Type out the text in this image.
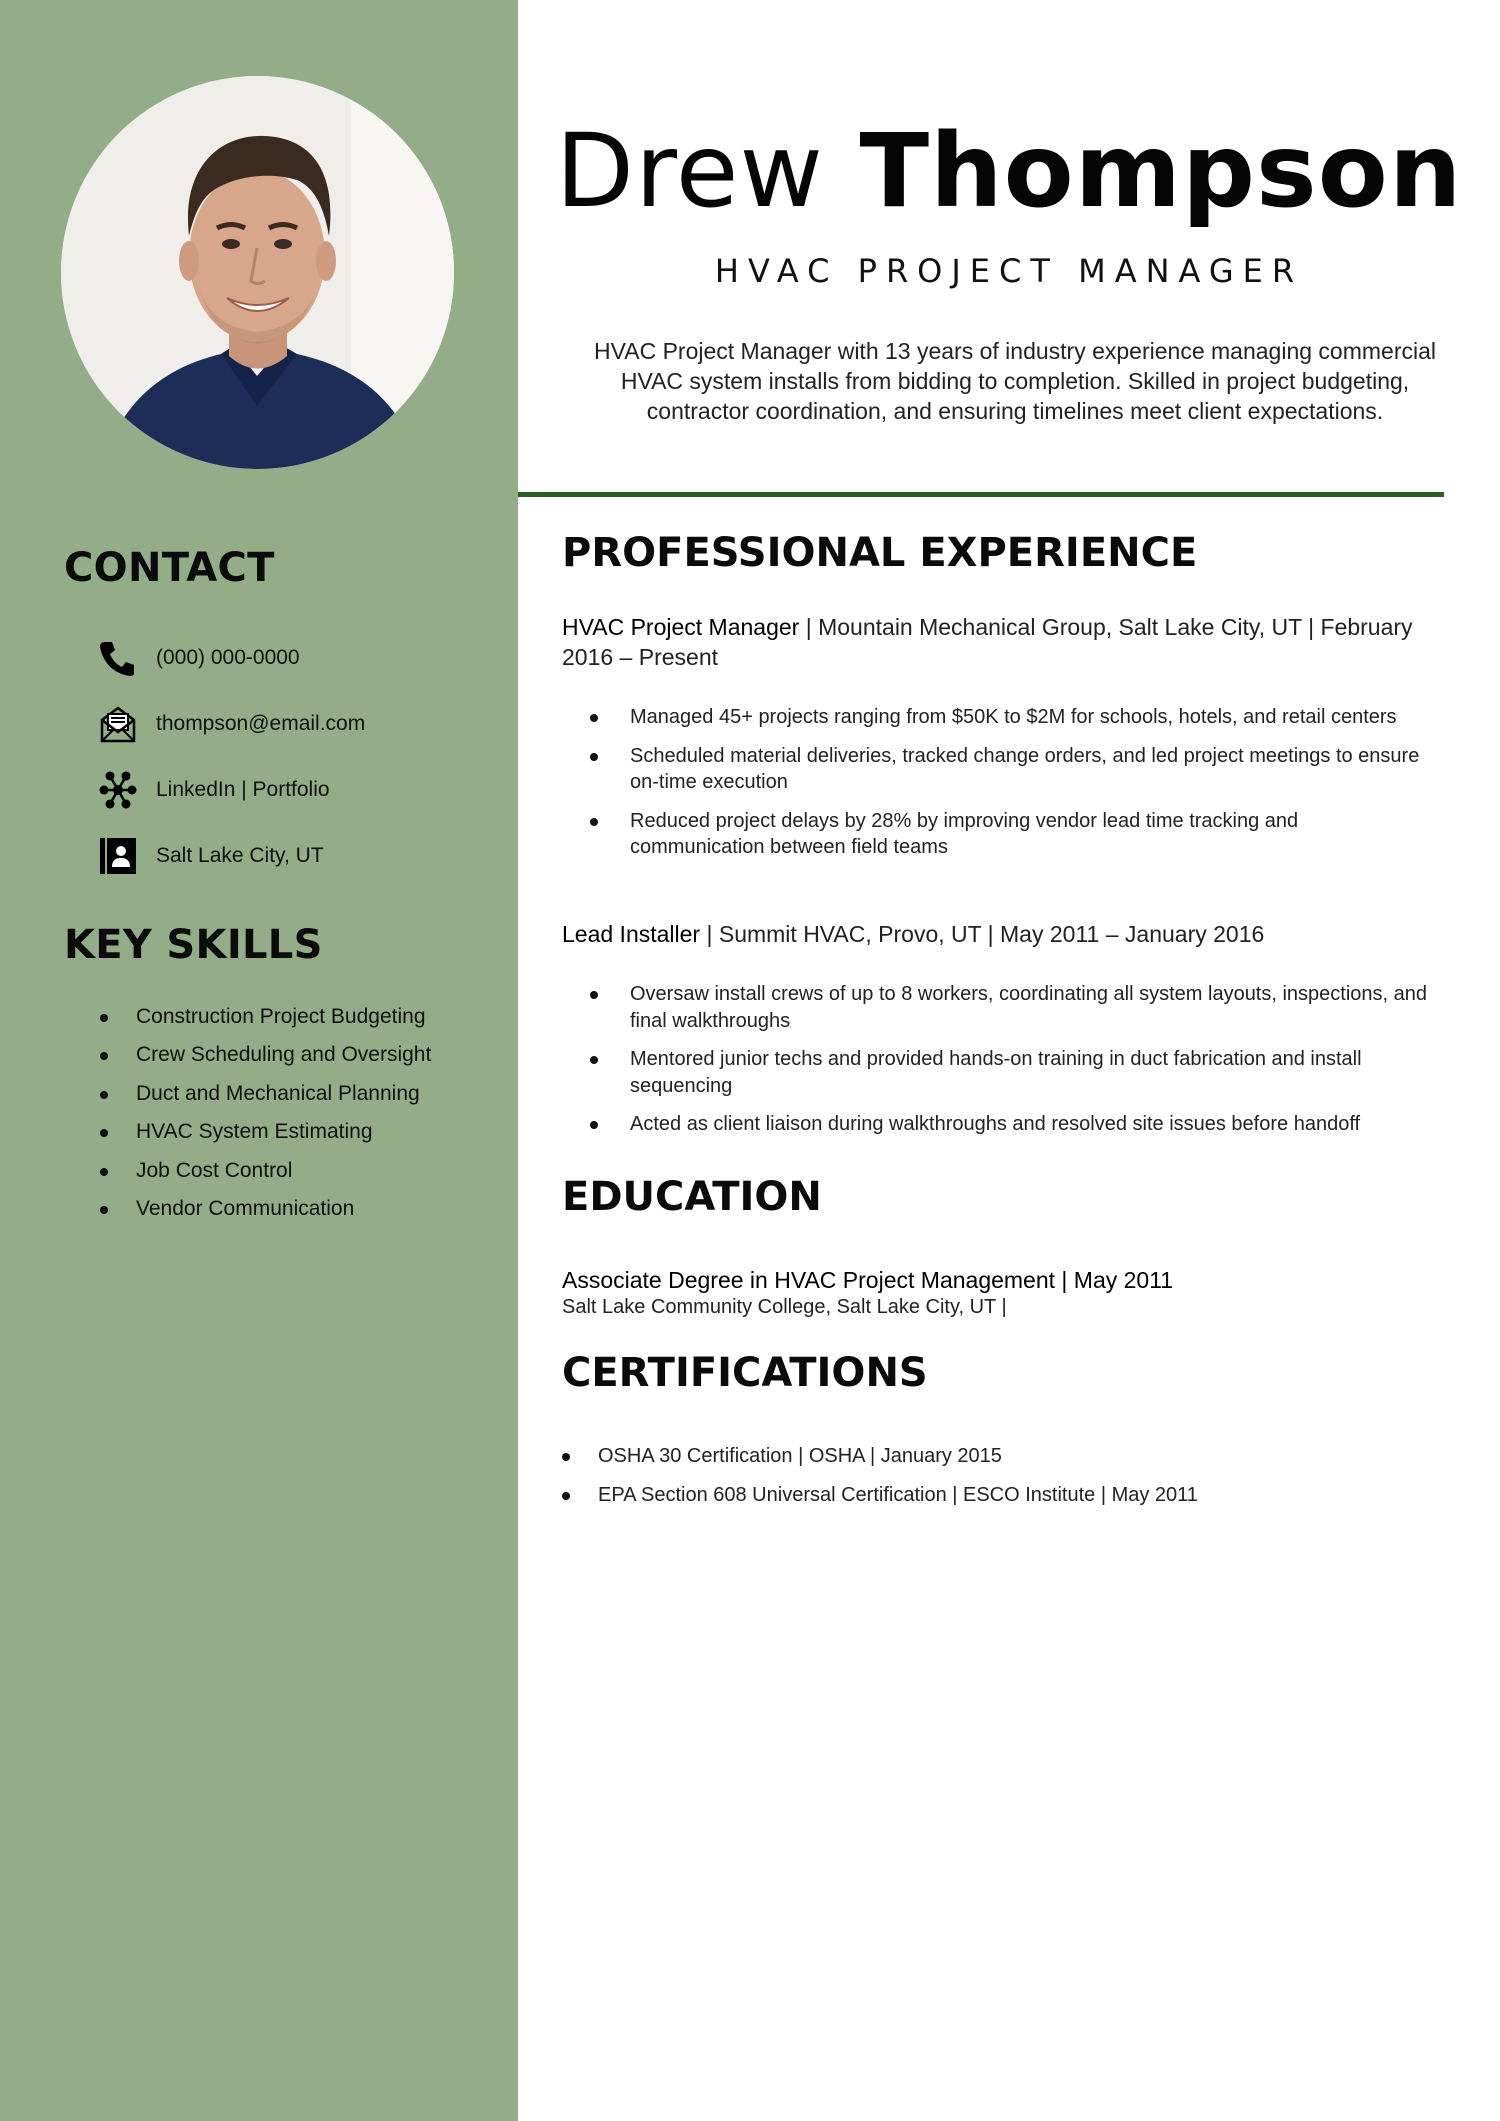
CONTACT
(000) 000-0000
thompson@email.com
LinkedIn | Portfolio
Salt Lake City, UT
KEY SKILLS
Construction Project Budgeting
Crew Scheduling and Oversight
Duct and Mechanical Planning
HVAC System Estimating
Job Cost Control
Vendor Communication
Drew Thompson
HVAC PROJECT MANAGER

HVAC Project Manager with 13 years of industry experience managing commercial HVAC system installs from bidding to completion. Skilled in project budgeting, contractor coordination, and ensuring timelines meet client expectations.

PROFESSIONAL EXPERIENCE

HVAC Project Manager | Mountain Mechanical Group, Salt Lake City, UT | February 2016 – Present

Managed 45+ projects ranging from $50K to $2M for schools, hotels, and retail centers
Scheduled material deliveries, tracked change orders, and led project meetings to ensure on-time execution
Reduced project delays by 28% by improving vendor lead time tracking and communication between field teams

Lead Installer | Summit HVAC, Provo, UT | May 2011 – January 2016

Oversaw install crews of up to 8 workers, coordinating all system layouts, inspections, and final walkthroughs
Mentored junior techs and provided hands-on training in duct fabrication and install sequencing
Acted as client liaison during walkthroughs and resolved site issues before handoff
EDUCATION
Associate Degree in HVAC Project Management | May 2011
Salt Lake Community College, Salt Lake City, UT |
CERTIFICATIONS
OSHA 30 Certification | OSHA | January 2015
EPA Section 608 Universal Certification | ESCO Institute | May 2011
